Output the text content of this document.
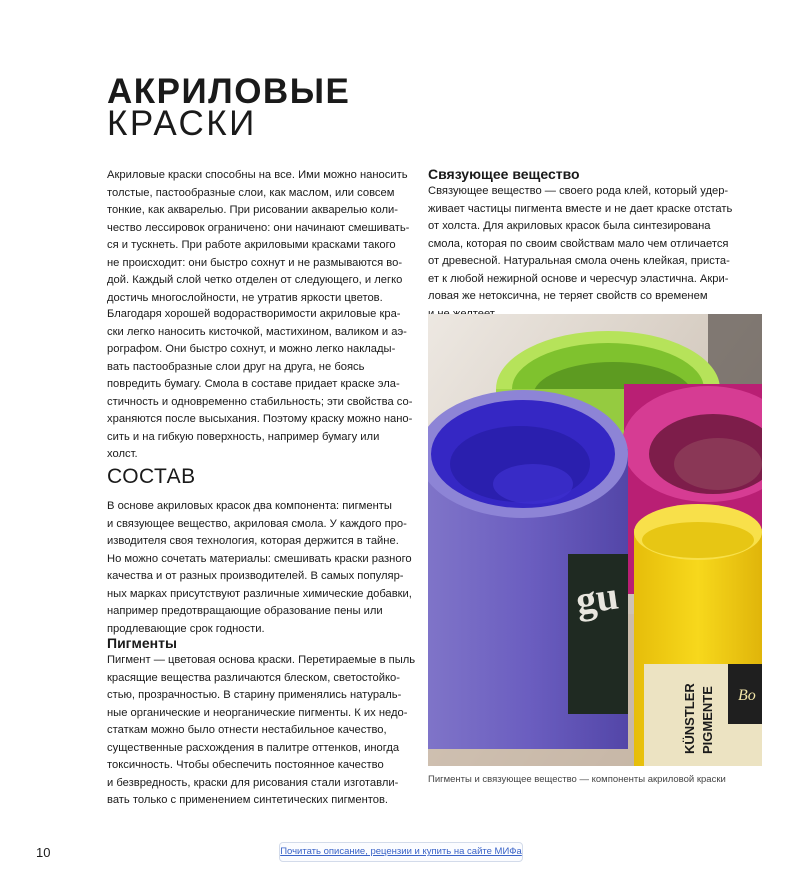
АКРИЛОВЫЕ
КРАСКИ
Акриловые краски способны на все. Ими можно наносить
толстые, пастообразные слои, как маслом, или совсем
тонкие, как акварелью. При рисовании акварелью коли-
чество лессировок ограничено: они начинают смешивать-
ся и тускнеть. При работе акриловыми красками такого
не происходит: они быстро сохнут и не размываются во-
дой. Каждый слой четко отделен от следующего, и легко
достичь многослойности, не утратив яркости цветов.
Благодаря хорошей водорастворимости акриловые кра-
ски легко наносить кисточкой, мастихином, валиком и аэ-
рографом. Они быстро сохнут, и можно легко наклады-
вать пастообразные слои друг на друга, не боясь
повредить бумагу. Смола в составе придает краске эла-
стичность и одновременно стабильность; эти свойства со-
храняются после высыхания. Поэтому краску можно нано-
сить и на гибкую поверхность, например бумагу или
холст.
СОСТАВ
В основе акриловых красок два компонента: пигменты
и связующее вещество, акриловая смола. У каждого про-
изводителя своя технология, которая держится в тайне.
Но можно сочетать материалы: смешивать краски разного
качества и от разных производителей. В самых популяр-
ных марках присутствуют различные химические добавки,
например предотвращающие образование пены или
продлевающие срок годности.
Пигменты
Пигмент — цветовая основа краски. Перетираемые в пыль
красящие вещества различаются блеском, светостойко-
стью, прозрачностью. В старину применялись натураль-
ные органические и неорганические пигменты. К их недо-
статкам можно было отнести нестабильное качество,
существенные расхождения в палитре оттенков, иногда
токсичность. Чтобы обеспечить постоянное качество
и безвредность, краски для рисования стали изготавли-
вать только с применением синтетических пигментов.
Связующее вещество
Связующее вещество — своего рода клей, который удер-
живает частицы пигмента вместе и не дает краске отстать
от холста. Для акриловых красок была синтезирована
смола, которая по своим свойствам мало чем отличается
от древесной. Натуральная смола очень клейкая, приста-
ет к любой нежирной основе и чересчур эластична. Акри-
ловая же нетоксична, не теряет свойств со временем
gu
Bo
KÜNSTLER PIGMENTE
Пигменты и связующее вещество — компоненты акриловой краски
10	Почитать описание, рецензии и купить на сайте МИФа
